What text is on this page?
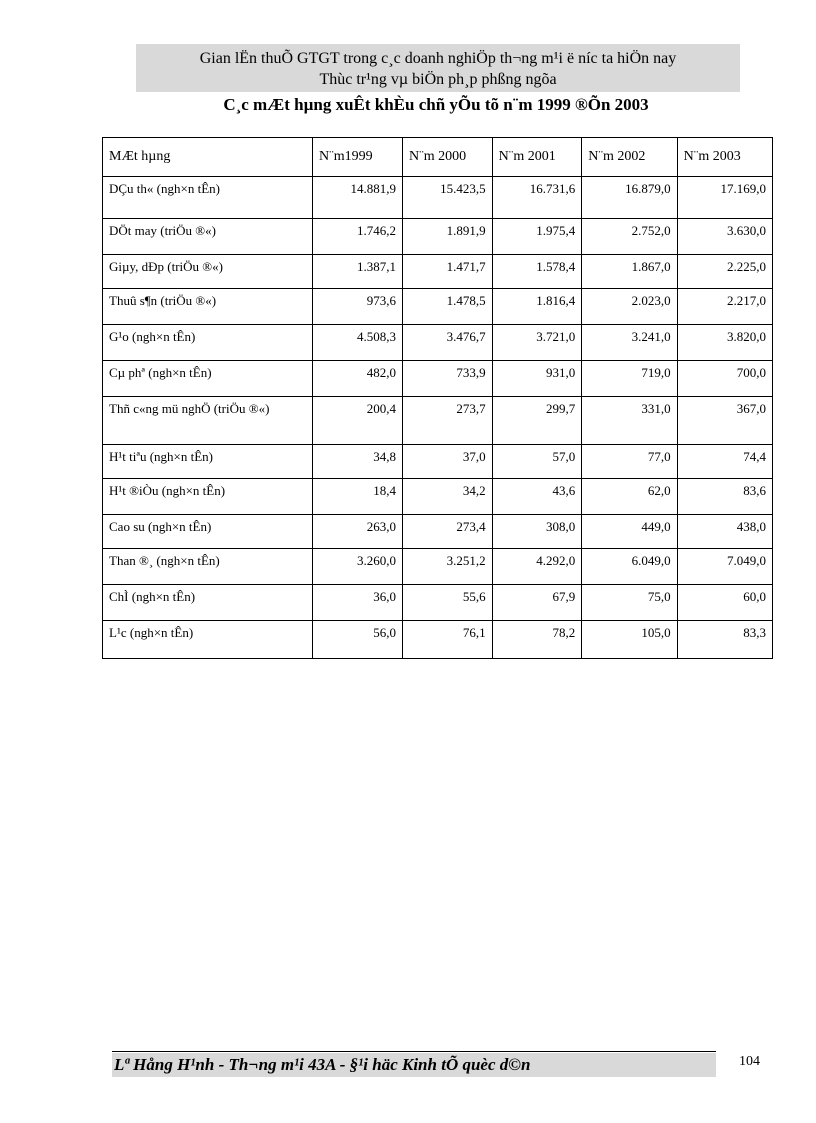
Gian lËn thuÕ GTGT trong c¸c doanh nghiÖp th¬ng m¹i ë níc ta hiÖn nay
Thùc tr¹ng vµ biÖn ph¸p phßng ngõa
C¸c mÆt hµng xuÊt khÈu chñ yÕu tõ n¨m 1999 ®Õn 2003
MÆt hµng	N¨m1999	N¨m 2000	N¨m 2001	N¨m 2002	N¨m 2003
DÇu th« (ngh×n tÊn)	14.881,9	15.423,5	16.731,6	16.879,0	17.169,0
DÖt may (triÖu ®«)	1.746,2	1.891,9	1.975,4	2.752,0	3.630,0
Giµy, dÐp (triÖu ®«)	1.387,1	1.471,7	1.578,4	1.867,0	2.225,0
Thuû s¶n (triÖu ®«)	973,6	1.478,5	1.816,4	2.023,0	2.217,0
G¹o (ngh×n tÊn)	4.508,3	3.476,7	3.721,0	3.241,0	3.820,0
Cµ phª (ngh×n tÊn)	482,0	733,9	931,0	719,0	700,0
Thñ c«ng mü nghÖ (triÖu ®«)	200,4	273,7	299,7	331,0	367,0
H¹t tiªu (ngh×n tÊn)	34,8	37,0	57,0	77,0	74,4
H¹t ®iÒu (ngh×n tÊn)	18,4	34,2	43,6	62,0	83,6
Cao su (ngh×n tÊn)	263,0	273,4	308,0	449,0	438,0
Than ®¸ (ngh×n tÊn)	3.260,0	3.251,2	4.292,0	6.049,0	7.049,0
ChÌ (ngh×n tÊn)	36,0	55,6	67,9	75,0	60,0
L¹c (ngh×n tÊn)	56,0	76,1	78,2	105,0	83,3
Lª Hång H¹nh - Th¬ng m¹i 43A - §¹i häc Kinh tÕ quèc d©n	104
